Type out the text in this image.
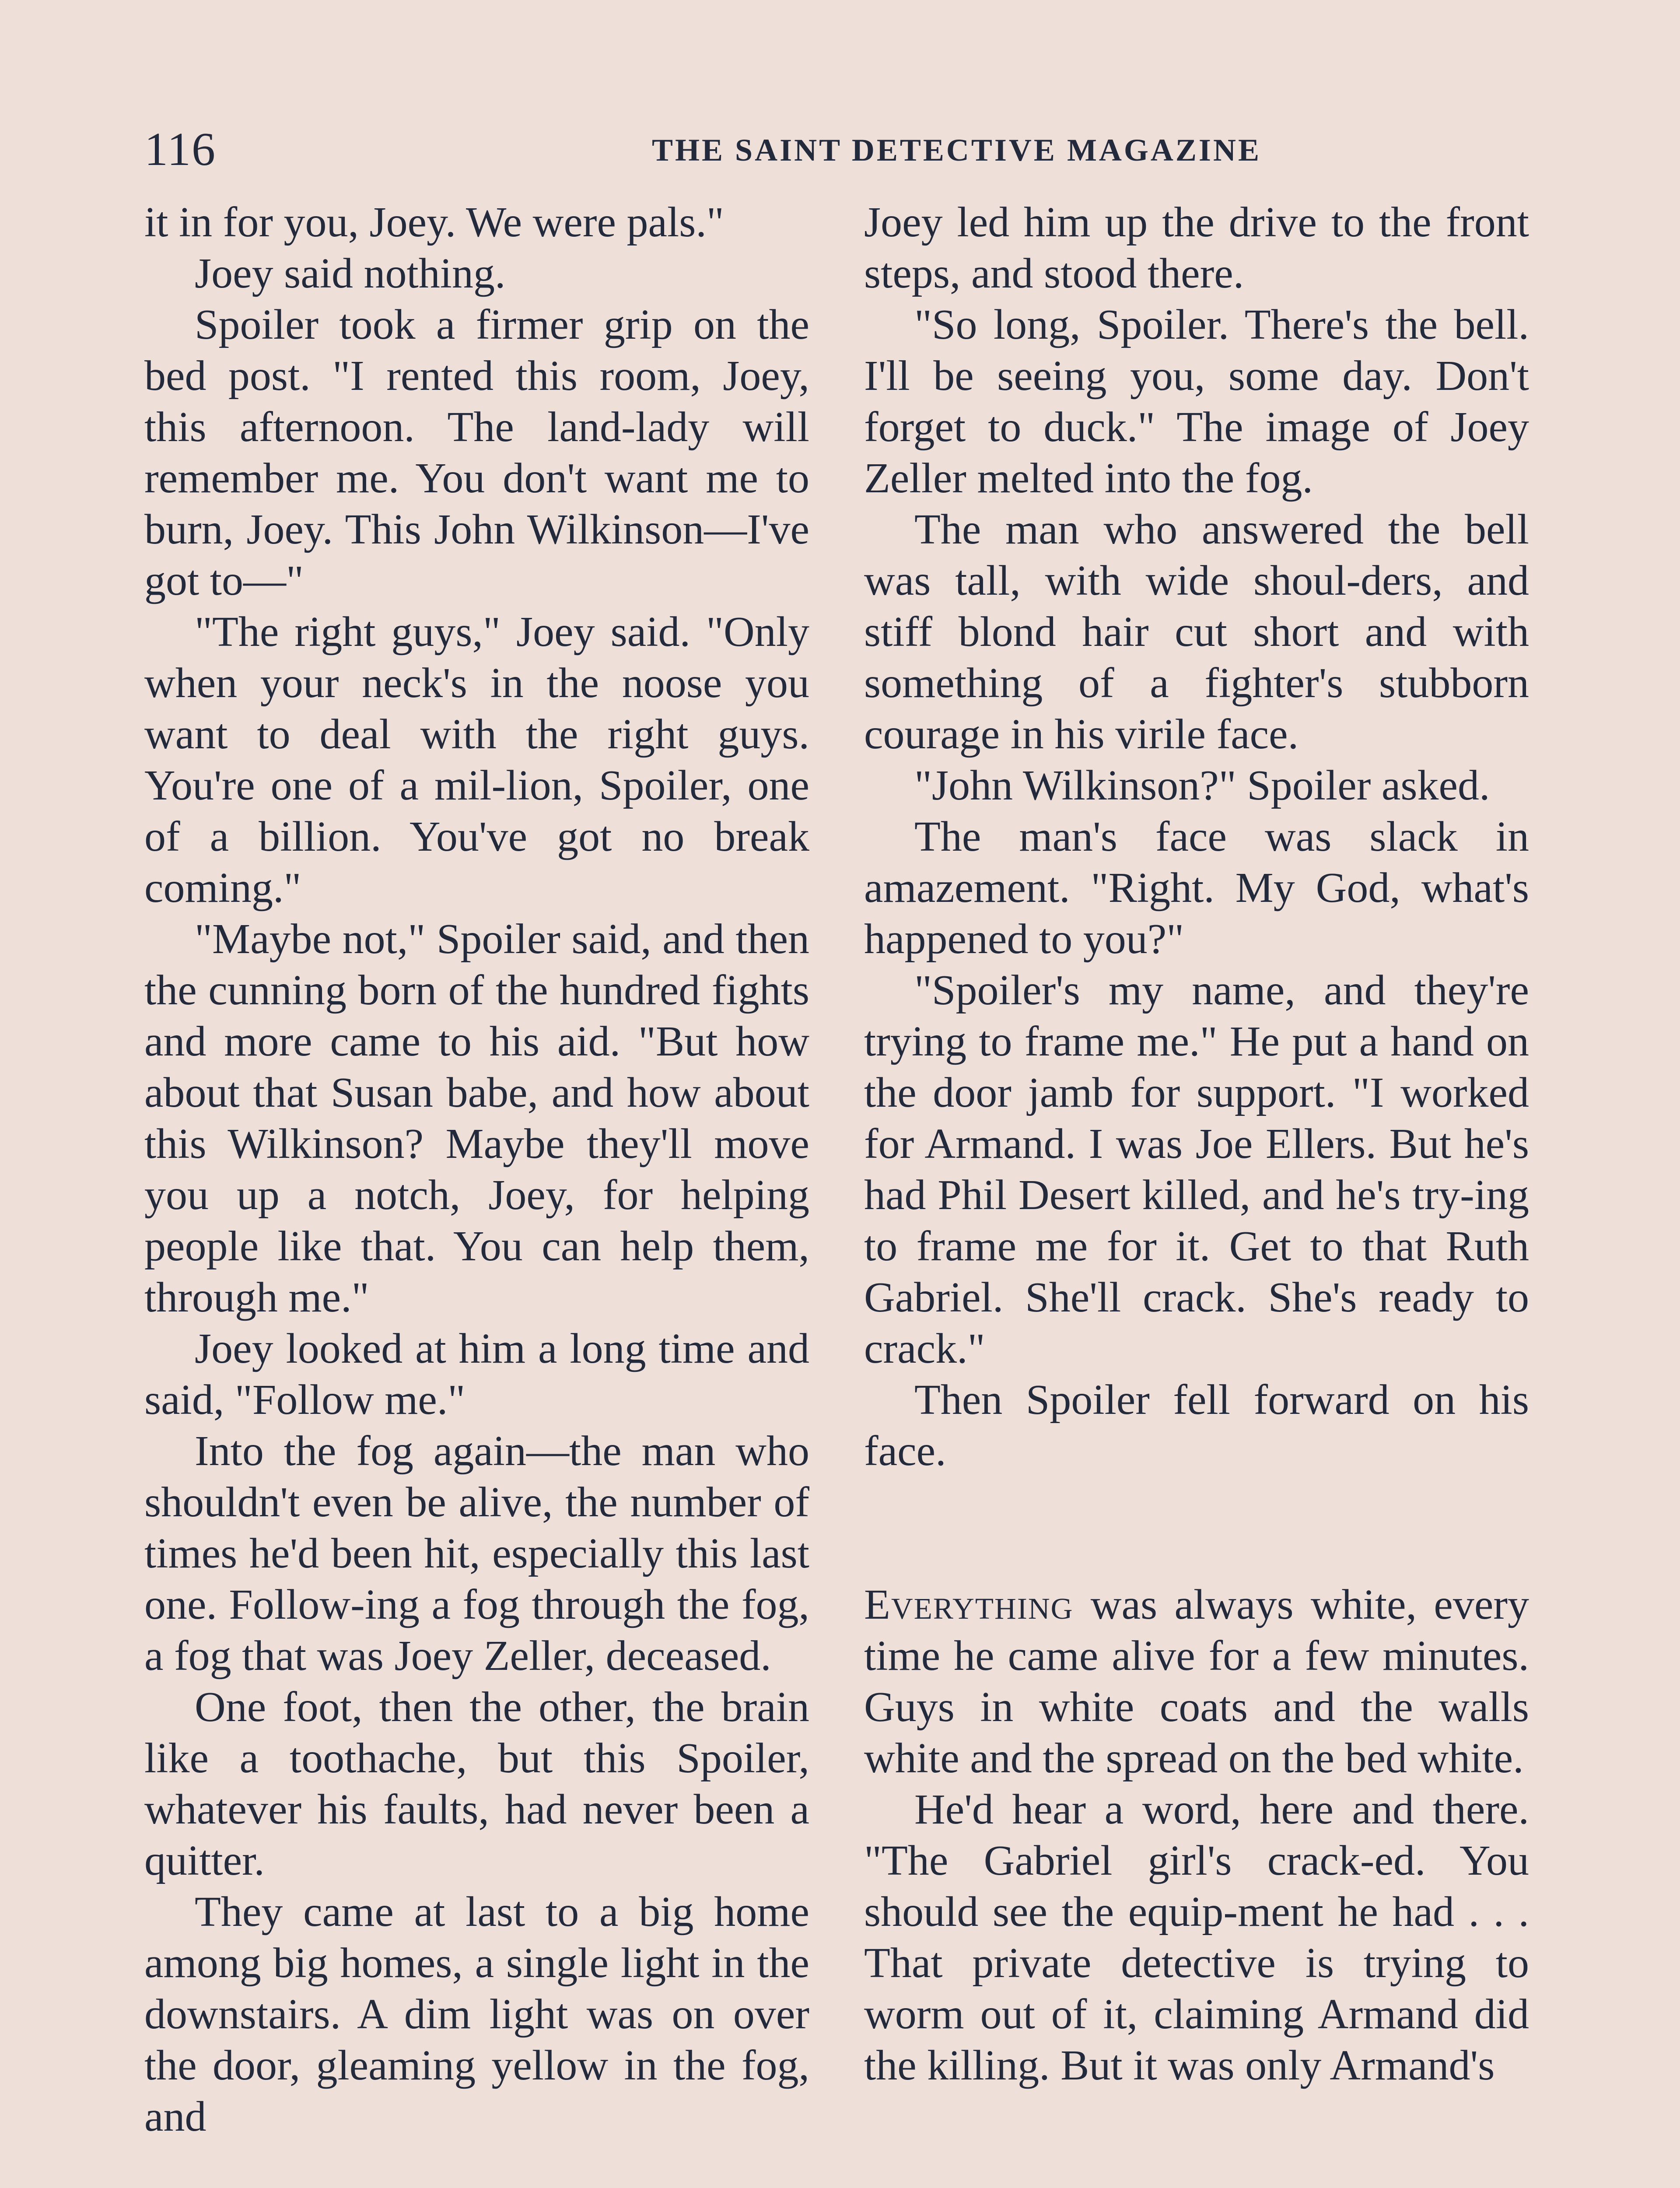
116	THE SAINT DETECTIVE MAGAZINE

it in for you, Joey. We were pals."

Joey said nothing.

Spoiler took a firmer grip on the bed post. "I rented this room, Joey, this afternoon. The land-lady will remember me. You don't want me to burn, Joey. This John Wilkinson—I've got to—"

"The right guys," Joey said. "Only when your neck's in the noose you want to deal with the right guys. You're one of a mil-lion, Spoiler, one of a billion. You've got no break coming."

"Maybe not," Spoiler said, and then the cunning born of the hundred fights and more came to his aid. "But how about that Susan babe, and how about this Wilkinson? Maybe they'll move you up a notch, Joey, for helping people like that. You can help them, through me."

Joey looked at him a long time and said, "Follow me."

Into the fog again—the man who shouldn't even be alive, the number of times he'd been hit, especially this last one. Follow-ing a fog through the fog, a fog that was Joey Zeller, deceased.

One foot, then the other, the brain like a toothache, but this Spoiler, whatever his faults, had never been a quitter.

They came at last to a big home among big homes, a single light in the downstairs. A dim light was on over the door, gleaming yellow in the fog, and

Joey led him up the drive to the front steps, and stood there.

"So long, Spoiler. There's the bell. I'll be seeing you, some day. Don't forget to duck." The image of Joey Zeller melted into the fog.

The man who answered the bell was tall, with wide shoul-ders, and stiff blond hair cut short and with something of a fighter's stubborn courage in his virile face.

"John Wilkinson?" Spoiler asked.

The man's face was slack in amazement. "Right. My God, what's happened to you?"

"Spoiler's my name, and they're trying to frame me." He put a hand on the door jamb for support. "I worked for Armand. I was Joe Ellers. But he's had Phil Desert killed, and he's try-ing to frame me for it. Get to that Ruth Gabriel. She'll crack. She's ready to crack."

Then Spoiler fell forward on his face.

Everything was always white, every time he came alive for a few minutes. Guys in white coats and the walls white and the spread on the bed white.

He'd hear a word, here and there. "The Gabriel girl's crack-ed. You should see the equip-ment he had . . . That private detective is trying to worm out of it, claiming Armand did the killing. But it was only Armand's
